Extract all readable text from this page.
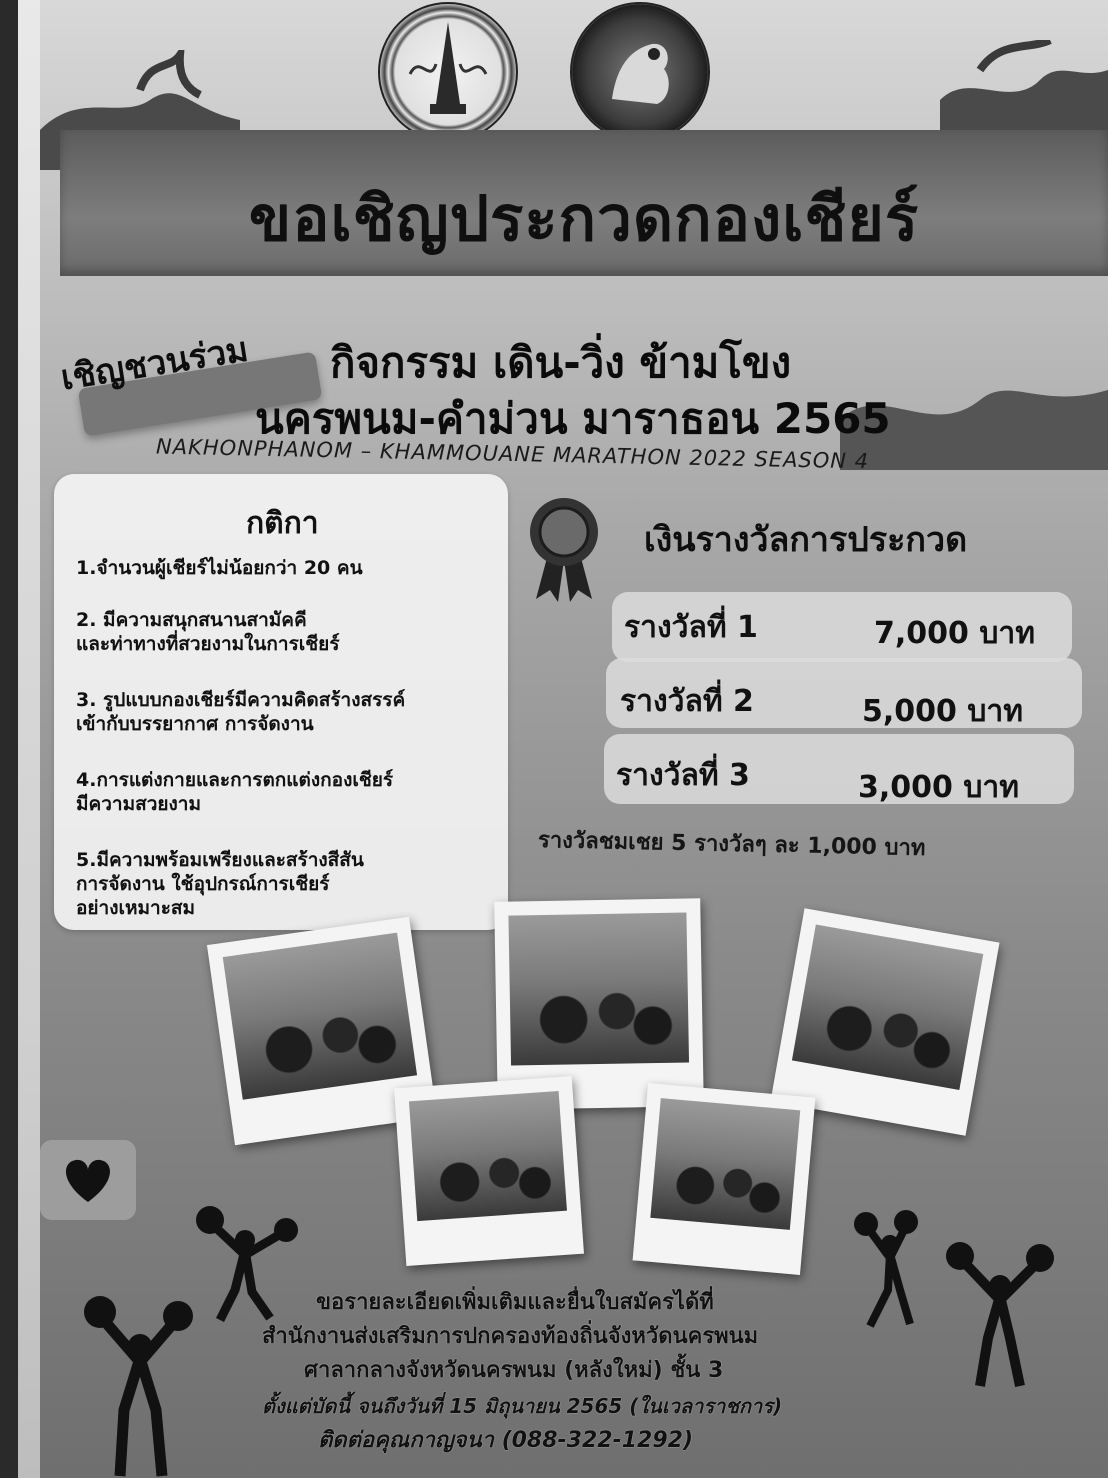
ขอเชิญประกวดกองเชียร์
เชิญชวนร่วม กิจกรรม เดิน-วิ่ง ข้ามโขง
นครพนม-คำม่วน มาราธอน 2565
NAKHONPHANOM – KHAMMOUANE MARATHON 2022 SEASON 4
กติกา
1.จำนวนผู้เชียร์ไม่น้อยกว่า 20 คน
2. มีความสนุกสนานสามัคคี
และท่าทางที่สวยงามในการเชียร์
3. รูปแบบกองเชียร์มีความคิดสร้างสรรค์
เข้ากับบรรยากาศ การจัดงาน
4.การแต่งกายและการตกแต่งกองเชียร์
มีความสวยงาม
5.มีความพร้อมเพรียงและสร้างสีสัน
การจัดงาน ใช้อุปกรณ์การเชียร์
อย่างเหมาะสม
เงินรางวัลการประกวด
รางวัลที่ 1	7,000 บาท
รางวัลที่ 2	5,000 บาท
รางวัลที่ 3	3,000 บาท
รางวัลชมเชย 5 รางวัลๆ ละ 1,000 บาท
ขอรายละเอียดเพิ่มเติมและยื่นใบสมัครได้ที่
สำนักงานส่งเสริมการปกครองท้องถิ่นจังหวัดนครพนม
ศาลากลางจังหวัดนครพนม (หลังใหม่) ชั้น 3
ตั้งแต่บัดนี้ จนถึงวันที่ 15 มิถุนายน 2565 (ในเวลาราชการ)
ติดต่อคุณกาญจนา (088-322-1292)
